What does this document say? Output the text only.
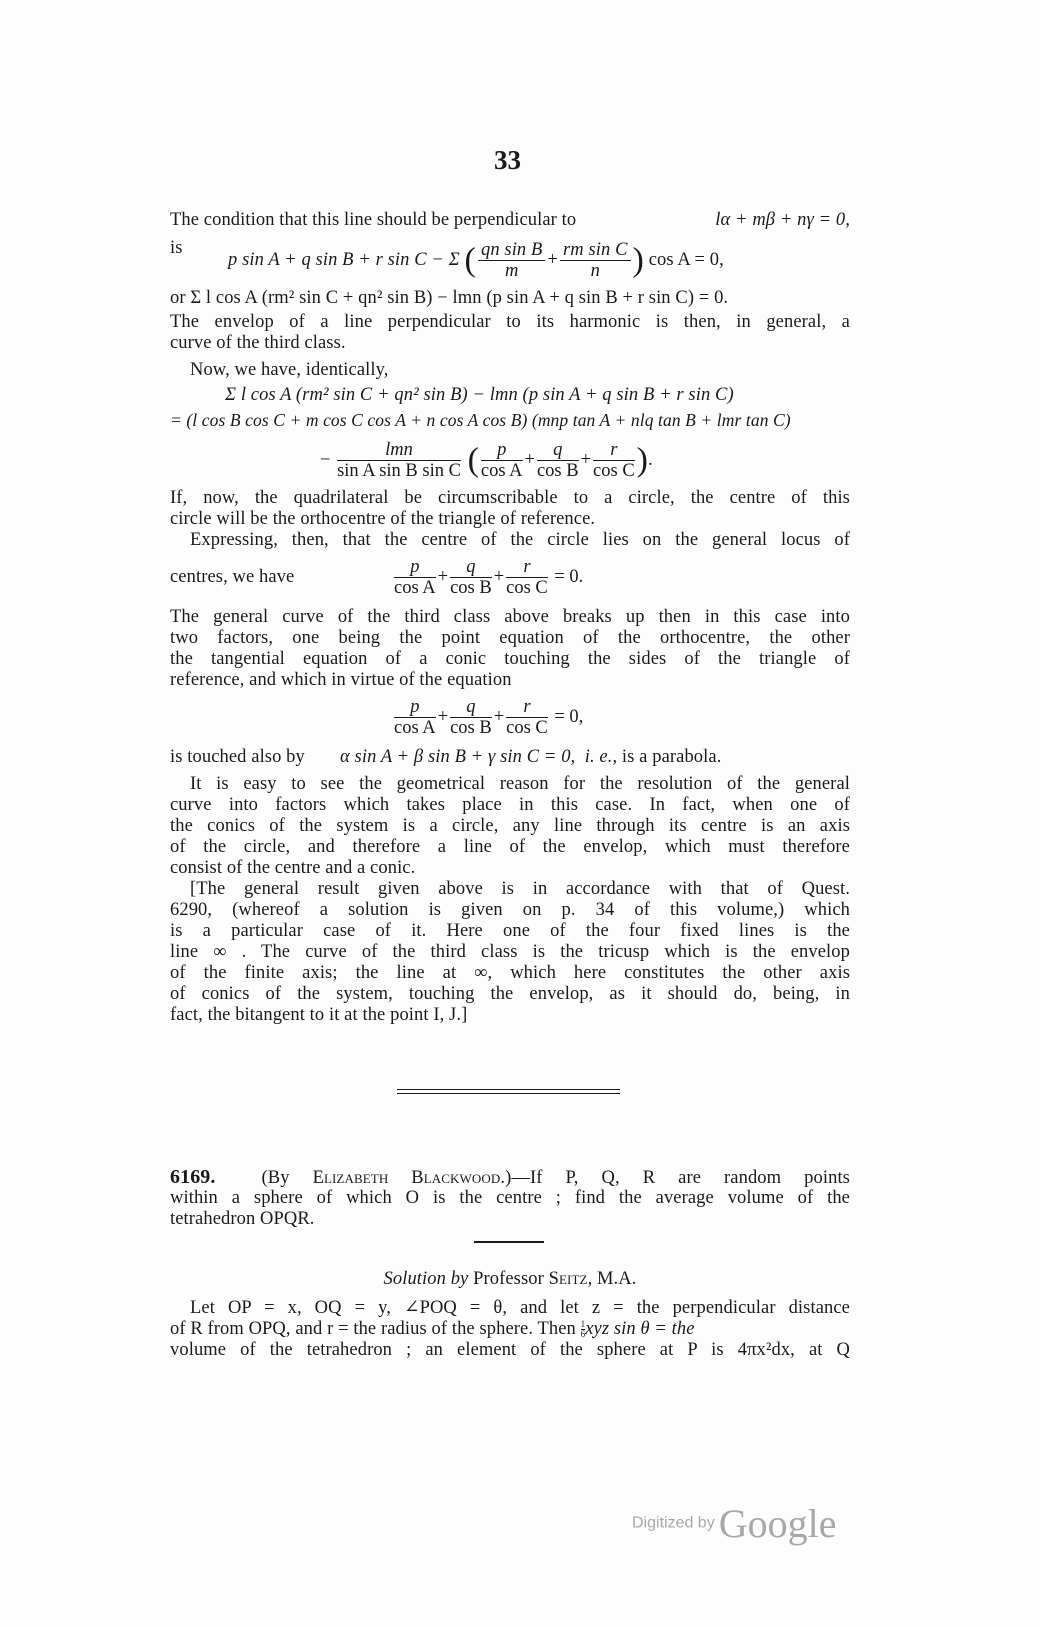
33
The condition that this line should be perpendicular to	lα + mβ + nγ = 0,
is
p sin A + q sin B + r sin C − Σ ( $\frac{\text{qn sin B}}{m} + \frac{\text{rm sin C}}{n}$ ) cos A = 0,
or Σ l cos A (rm² sin C + qn² sin B) − lmn (p sin A + q sin B + r sin C) = 0.
The envelop of a line perpendicular to its harmonic is then, in general, a
curve of the third class.
Now, we have, identically,
Σ l cos A (rm² sin C + qn² sin B) − lmn (p sin A + q sin B + r sin C)
= (l cos B cos C + m cos C cos A + n cos A cos B) (mnp tan A + nlq tan B + lmr tan C)
− $\frac{\text{lmn}}{\text{sin A sin B sin C}}$ ( $\frac{p}{\text{cos A}} + \frac{q}{\text{cos B}} + \frac{r}{\text{cos C}}$ ).
If, now, the quadrilateral be circumscribable to a circle, the centre of this
circle will be the orthocentre of the triangle of reference.
Expressing, then, that the centre of the circle lies on the general locus of
centres, we have	$\frac{p}{\text{cos A}} + \frac{q}{\text{cos B}} + \frac{r}{\text{cos C}} = 0$.
The general curve of the third class above breaks up then in this case into
two factors, one being the point equation of the orthocentre, the other
the tangential equation of a conic touching the sides of the triangle of
reference, and which in virtue of the equation
$\frac{p}{\text{cos A}} + \frac{q}{\text{cos B}} + \frac{r}{\text{cos C}} = 0$,
is touched also by α sin A + β sin B + γ sin C = 0, i. e., is a parabola.
It is easy to see the geometrical reason for the resolution of the general
curve into factors which takes place in this case. In fact, when one of
the conics of the system is a circle, any line through its centre is an axis
of the circle, and therefore a line of the envelop, which must therefore
consist of the centre and a conic.
[The general result given above is in accordance with that of Quest.
6290, (whereof a solution is given on p. 34 of this volume,) which
is a particular case of it. Here one of the four fixed lines is the
line ∞ . The curve of the third class is the tricusp which is the envelop
of the finite axis; the line at ∞, which here constitutes the other axis
of conics of the system, touching the envelop, as it should do, being, in
fact, the bitangent to it at the point I, J.]
6169. (By Elizabeth Blackwood.)—If P, Q, R are random points
within a sphere of which O is the centre ; find the average volume of the
tetrahedron OPQR.
Solution by Professor Seitz, M.A.
Let OP = x, OQ = y, ∠POQ = θ, and let z = the perpendicular distance
of R from OPQ, and r = the radius of the sphere. Then $\frac{1}{6}$ xyz sin θ = the
volume of the tetrahedron ; an element of the sphere at P is 4πx²dx, at Q
Digitized by Google
